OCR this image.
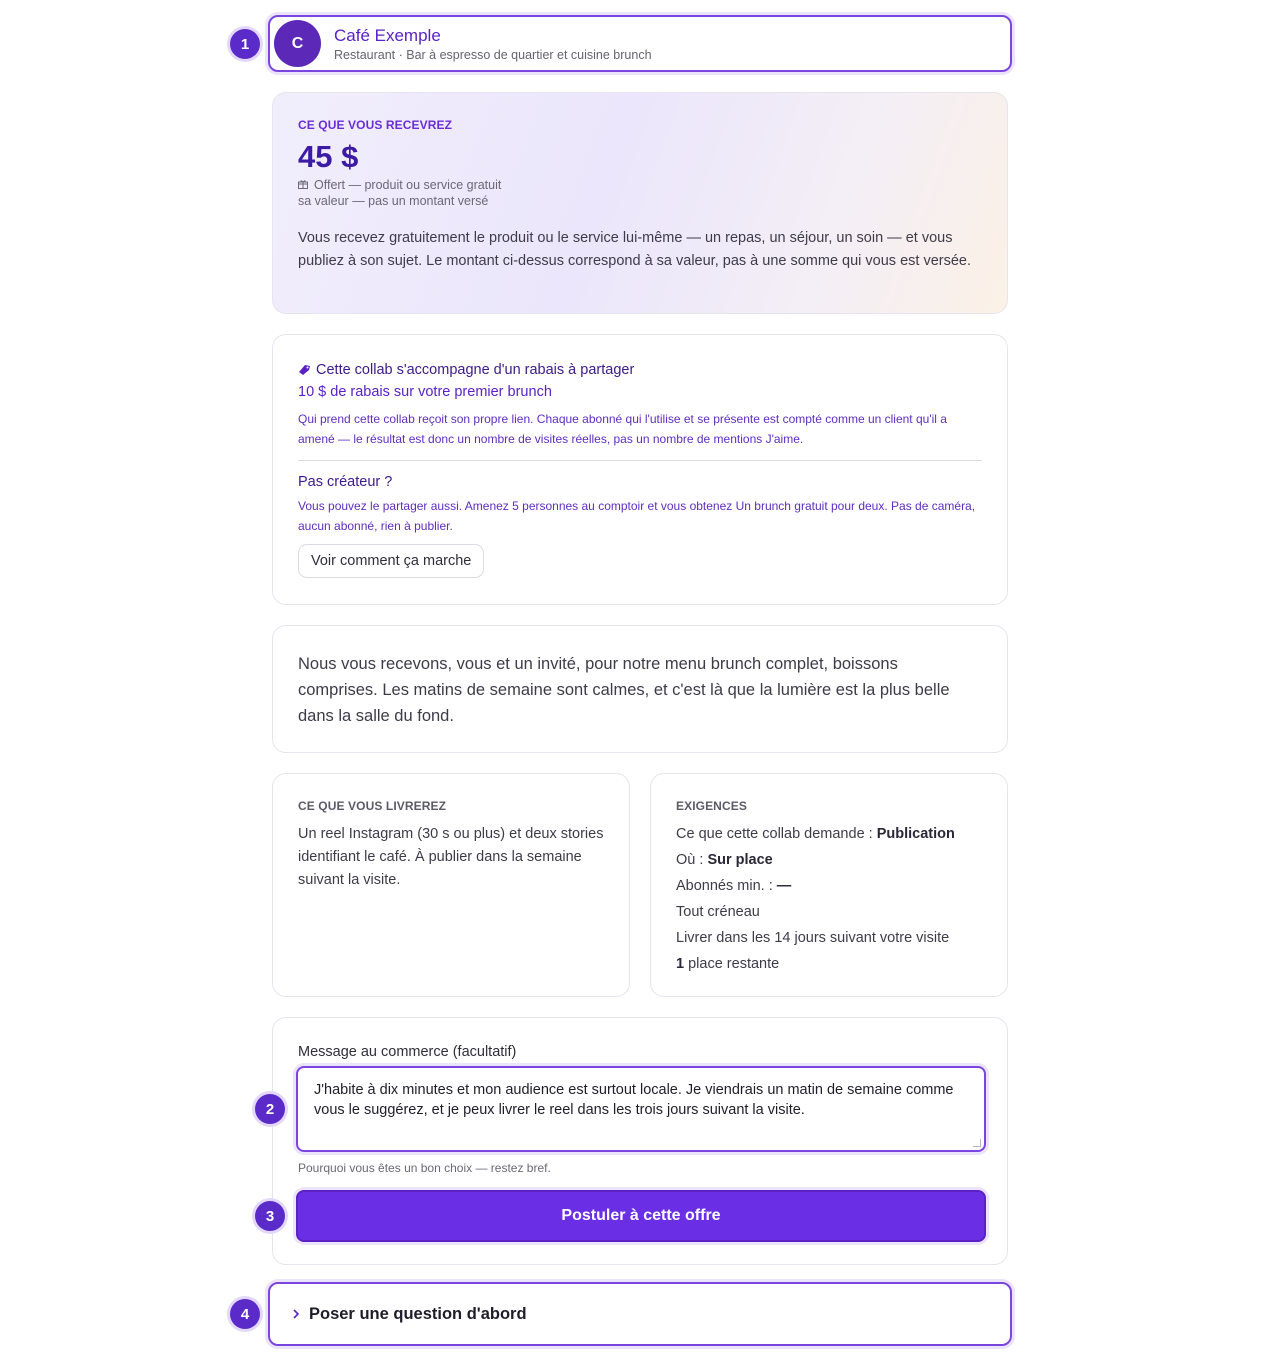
1	C	Café Exemple
Restaurant · Bar à espresso de quartier et cuisine brunch
CE QUE VOUS RECEVREZ
45 $
Offert — produit ou service gratuit
sa valeur — pas un montant versé
Vous recevez gratuitement le produit ou le service lui-même — un repas, un séjour, un soin — et vous publiez à son sujet. Le montant ci-dessus correspond à sa valeur, pas à une somme qui vous est versée.
Cette collab s'accompagne d'un rabais à partager
10 $ de rabais sur votre premier brunch
Qui prend cette collab reçoit son propre lien. Chaque abonné qui l'utilise et se présente est compté comme un client qu'il a amené — le résultat est donc un nombre de visites réelles, pas un nombre de mentions J'aime.
Pas créateur ?
Vous pouvez le partager aussi. Amenez 5 personnes au comptoir et vous obtenez Un brunch gratuit pour deux. Pas de caméra, aucun abonné, rien à publier.
Voir comment ça marche

Nous vous recevons, vous et un invité, pour notre menu brunch complet, boissons comprises. Les matins de semaine sont calmes, et c'est là que la lumière est la plus belle dans la salle du fond.

CE QUE VOUS LIVREREZ
Un reel Instagram (30 s ou plus) et deux stories identifiant le café. À publier dans la semaine suivant la visite.
EXIGENCES
Ce que cette collab demande : Publication
Où : Sur place
Abonnés min. : —
Tout créneau
Livrer dans les 14 jours suivant votre visite
1 place restante
Message au commerce (facultatif)
J'habite à dix minutes et mon audience est surtout locale. Je viendrais un matin de semaine comme vous le suggérez, et je peux livrer le reel dans les trois jours suivant la visite.
Pourquoi vous êtes un bon choix — restez bref.
Postuler à cette offre
2
3
4	Poser une question d'abord
